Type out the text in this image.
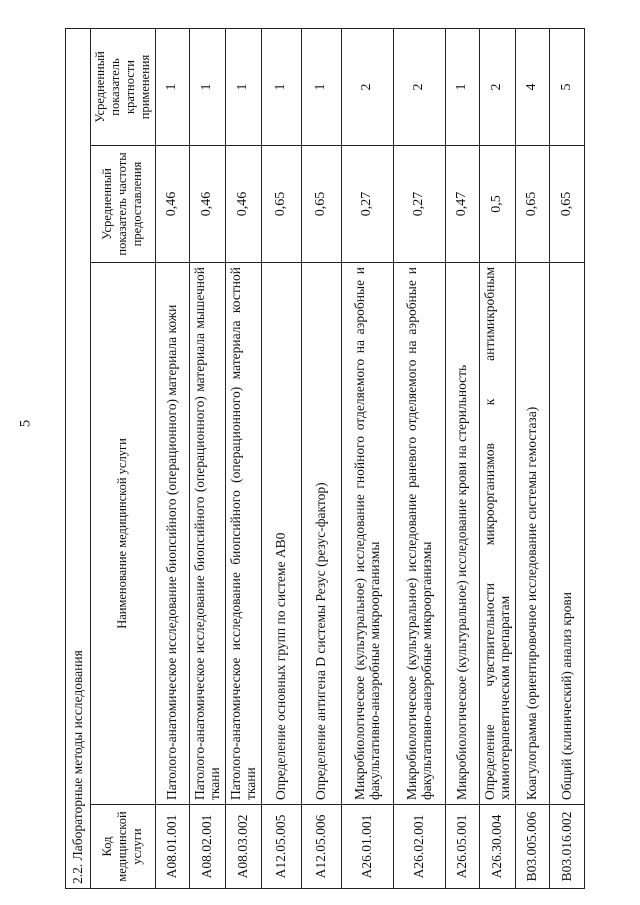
5
2.2. Лабораторные методы исследования			
Код медицинской услуги	Наименование медицинской услуги	Усредненный показатель частоты предоставления	Усредненный показатель кратности применения
A08.01.001	Патолого-анатомическое исследование биопсийного (операционного) материала кожи	0,46	1
A08.02.001	Патолого-анатомическое исследование биопсийного (операционного) материала мышечной ткани	0,46	1
A08.03.002	Патолого-анатомическое исследование биопсийного (операционного) материала костной ткани	0,46	1
A12.05.005	Определение основных групп по системе AB0	0,65	1
A12.05.006	Определение антигена D системы Резус (резус-фактор)	0,65	1
A26.01.001	Микробиологическое (культуральное) исследование гнойного отделяемого на аэробные и факультативно-анаэробные микроорганизмы	0,27	2
A26.02.001	Микробиологическое (культуральное) исследование раневого отделяемого на аэробные и факультативно-анаэробные микроорганизмы	0,27	2
A26.05.001	Микробиологическое (культуральное) исследование крови на стерильность	0,47	1
A26.30.004	Определение чувствительности микроорганизмов к антимикробным химиотерапевтическим препаратам	0,5	2
B03.005.006	Коагулограмма (ориентировочное исследование системы гемостаза)	0,65	4
B03.016.002	Общий (клинический) анализ крови	0,65	5
